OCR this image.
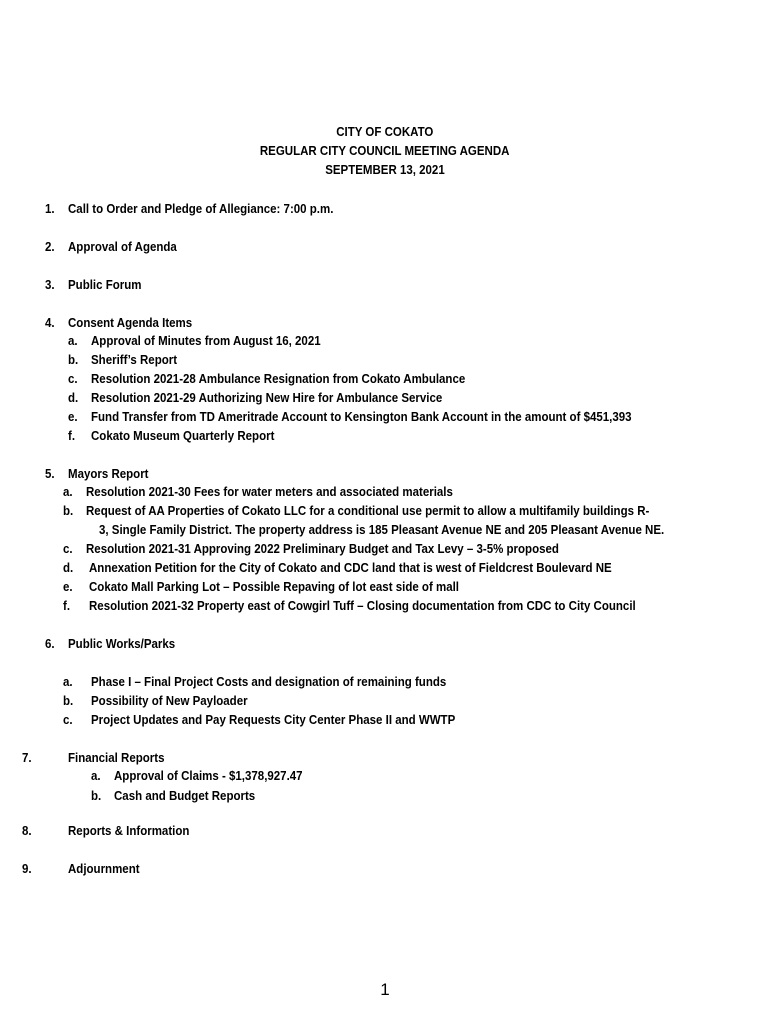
CITY OF COKATO
REGULAR CITY COUNCIL MEETING AGENDA
SEPTEMBER 13, 2021
1. Call to Order and Pledge of Allegiance: 7:00 p.m.
2. Approval of Agenda
3. Public Forum
4. Consent Agenda Items
a. Approval of Minutes from August 16, 2021
b. Sheriff’s Report
c. Resolution 2021-28 Ambulance Resignation from Cokato Ambulance
d. Resolution 2021-29 Authorizing New Hire for Ambulance Service
e. Fund Transfer from TD Ameritrade Account to Kensington Bank Account in the amount of $451,393
f. Cokato Museum Quarterly Report
5. Mayors Report
a. Resolution 2021-30 Fees for water meters and associated materials
b. Request of AA Properties of Cokato LLC for a conditional use permit to allow a multifamily buildings R-
3, Single Family District. The property address is 185 Pleasant Avenue NE and 205 Pleasant Avenue NE.
c. Resolution 2021-31 Approving 2022 Preliminary Budget and Tax Levy – 3-5% proposed
d. Annexation Petition for the City of Cokato and CDC land that is west of Fieldcrest Boulevard NE
e. Cokato Mall Parking Lot – Possible Repaving of lot east side of mall
f. Resolution 2021-32 Property east of Cowgirl Tuff – Closing documentation from CDC to City Council
6. Public Works/Parks
a. Phase I – Final Project Costs and designation of remaining funds
b. Possibility of New Payloader
c. Project Updates and Pay Requests City Center Phase II and WWTP
7.	Financial Reports
a. Approval of Claims - $1,378,927.47
b. Cash and Budget Reports
8.	Reports & Information
9.	Adjournment
1
